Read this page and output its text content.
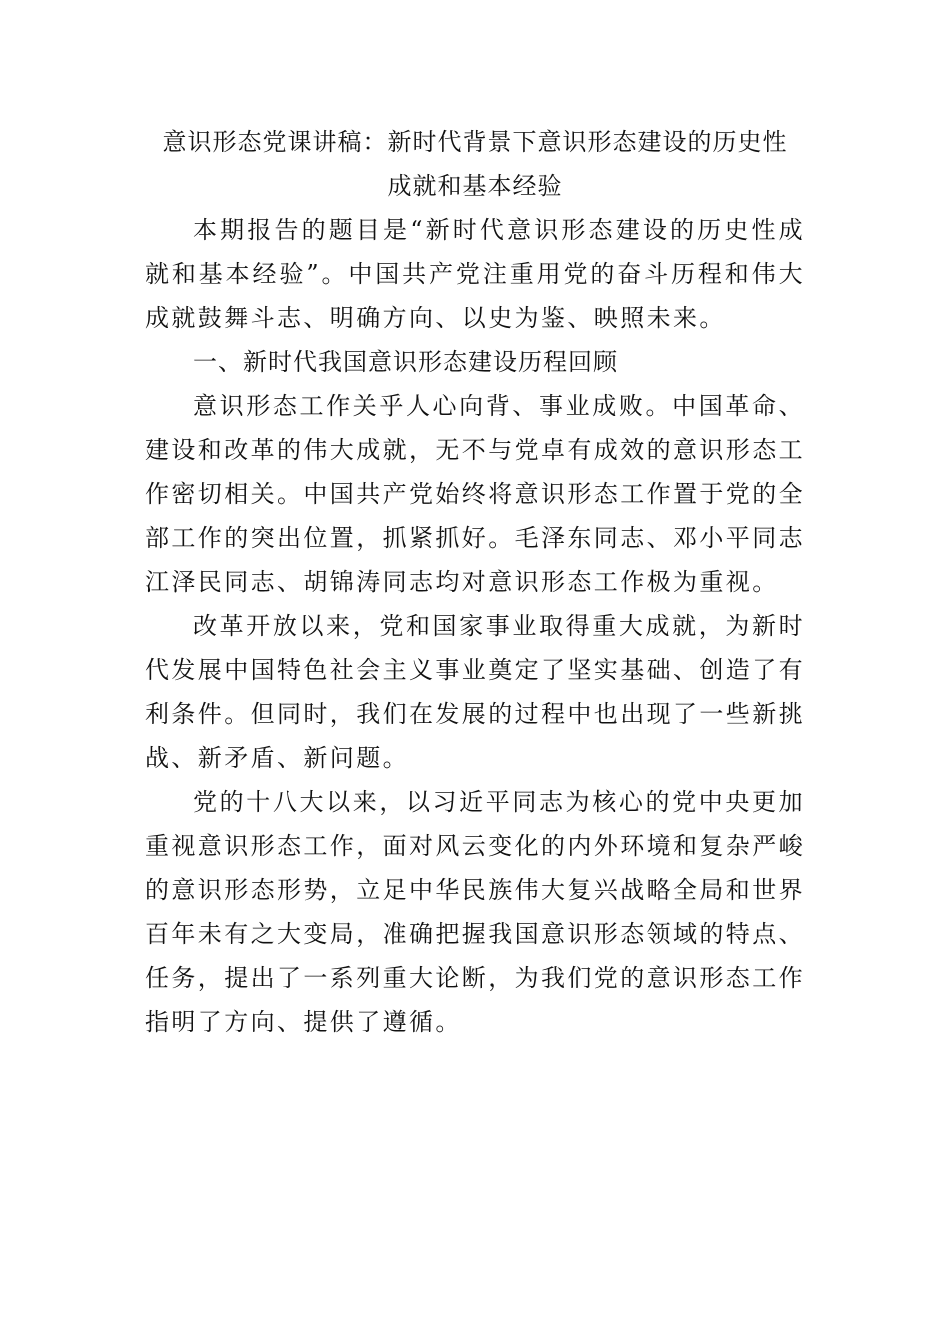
意识形态党课讲稿：新时代背景下意识形态建设的历史性
成就和基本经验

本期报告的题目是“新时代意识形态建设的历史性成就和基本经验”。中国共产党注重用党的奋斗历程和伟大成就鼓舞斗志、明确方向、以史为鉴、映照未来。

一、新时代我国意识形态建设历程回顾

意识形态工作关乎人心向背、事业成败。中国革命、建设和改革的伟大成就，无不与党卓有成效的意识形态工作密切相关。中国共产党始终将意识形态工作置于党的全部工作的突出位置，抓紧抓好。毛泽东同志、邓小平同志江泽民同志、胡锦涛同志均对意识形态工作极为重视。

改革开放以来，党和国家事业取得重大成就，为新时代发展中国特色社会主义事业奠定了坚实基础、创造了有利条件。但同时，我们在发展的过程中也出现了一些新挑战、新矛盾、新问题。

党的十八大以来，以习近平同志为核心的党中央更加重视意识形态工作，面对风云变化的内外环境和复杂严峻的意识形态形势，立足中华民族伟大复兴战略全局和世界百年未有之大变局，准确把握我国意识形态领域的特点、任务，提出了一系列重大论断，为我们党的意识形态工作指明了方向、提供了遵循。
